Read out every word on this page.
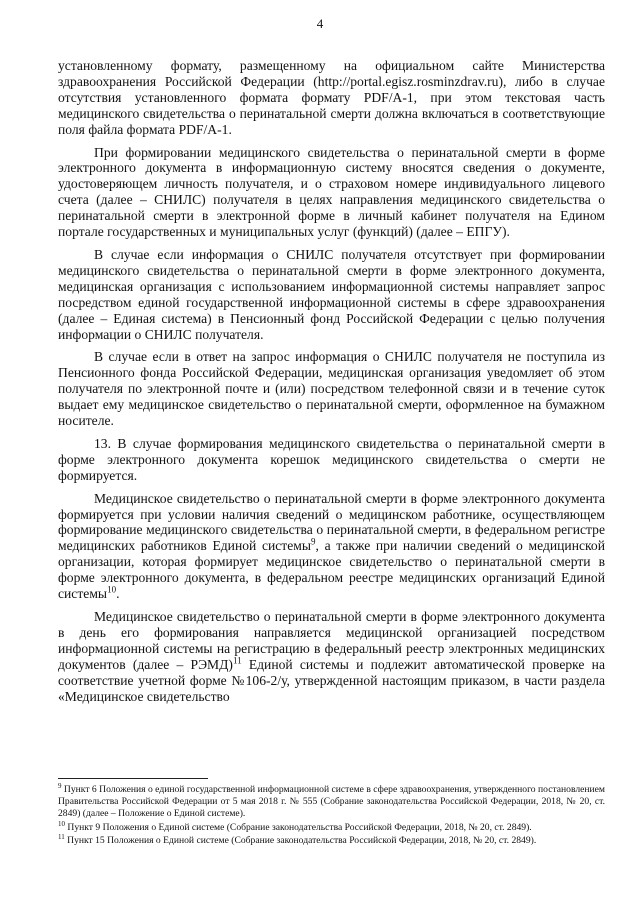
4

установленному формату, размещенному на официальном сайте Министерства здравоохранения Российской Федерации (http://portal.egisz.rosminzdrav.ru), либо в случае отсутствия установленного формата формату PDF/A-1, при этом текстовая часть медицинского свидетельства о перинатальной смерти должна включаться в соответствующие поля файла формата PDF/A-1.

При формировании медицинского свидетельства о перинатальной смерти в форме электронного документа в информационную систему вносятся сведения о документе, удостоверяющем личность получателя, и о страховом номере индивидуального лицевого счета (далее – СНИЛС) получателя в целях направления медицинского свидетельства о перинатальной смерти в электронной форме в личный кабинет получателя на Едином портале государственных и муниципальных услуг (функций) (далее – ЕПГУ).

В случае если информация о СНИЛС получателя отсутствует при формировании медицинского свидетельства о перинатальной смерти в форме электронного документа, медицинская организация с использованием информационной системы направляет запрос посредством единой государственной информационной системы в сфере здравоохранения (далее – Единая система) в Пенсионный фонд Российской Федерации с целью получения информации о СНИЛС получателя.

В случае если в ответ на запрос информация о СНИЛС получателя не поступила из Пенсионного фонда Российской Федерации, медицинская организация уведомляет об этом получателя по электронной почте и (или) посредством телефонной связи и в течение суток выдает ему медицинское свидетельство о перинатальной смерти, оформленное на бумажном носителе.

13. В случае формирования медицинского свидетельства о перинатальной смерти в форме электронного документа корешок медицинского свидетельства о смерти не формируется.

Медицинское свидетельство о перинатальной смерти в форме электронного документа формируется при условии наличия сведений о медицинском работнике, осуществляющем формирование медицинского свидетельства о перинатальной смерти, в федеральном регистре медицинских работников Единой системы$^9$, а также при наличии сведений о медицинской организации, которая формирует медицинское свидетельство о перинатальной смерти в форме электронного документа, в федеральном реестре медицинских организаций Единой системы$^{10}$.

Медицинское свидетельство о перинатальной смерти в форме электронного документа в день его формирования направляется медицинской организацией посредством информационной системы на регистрацию в федеральный реестр электронных медицинских документов (далее – РЭМД)$^{11}$ Единой системы и подлежит автоматической проверке на соответствие учетной форме №106-2/у, утвержденной настоящим приказом, в части раздела «Медицинское свидетельство

$^9$ Пункт 6 Положения о единой государственной информационной системе в сфере здравоохранения, утвержденного постановлением Правительства Российской Федерации от 5 мая 2018 г. № 555 (Собрание законодательства Российской Федерации, 2018, № 20, ст. 2849) (далее – Положение о Единой системе).

$^{10}$ Пункт 9 Положения о Единой системе (Собрание законодательства Российской Федерации, 2018, № 20, ст. 2849).

$^{11}$ Пункт 15 Положения о Единой системе (Собрание законодательства Российской Федерации, 2018, № 20, ст. 2849).
